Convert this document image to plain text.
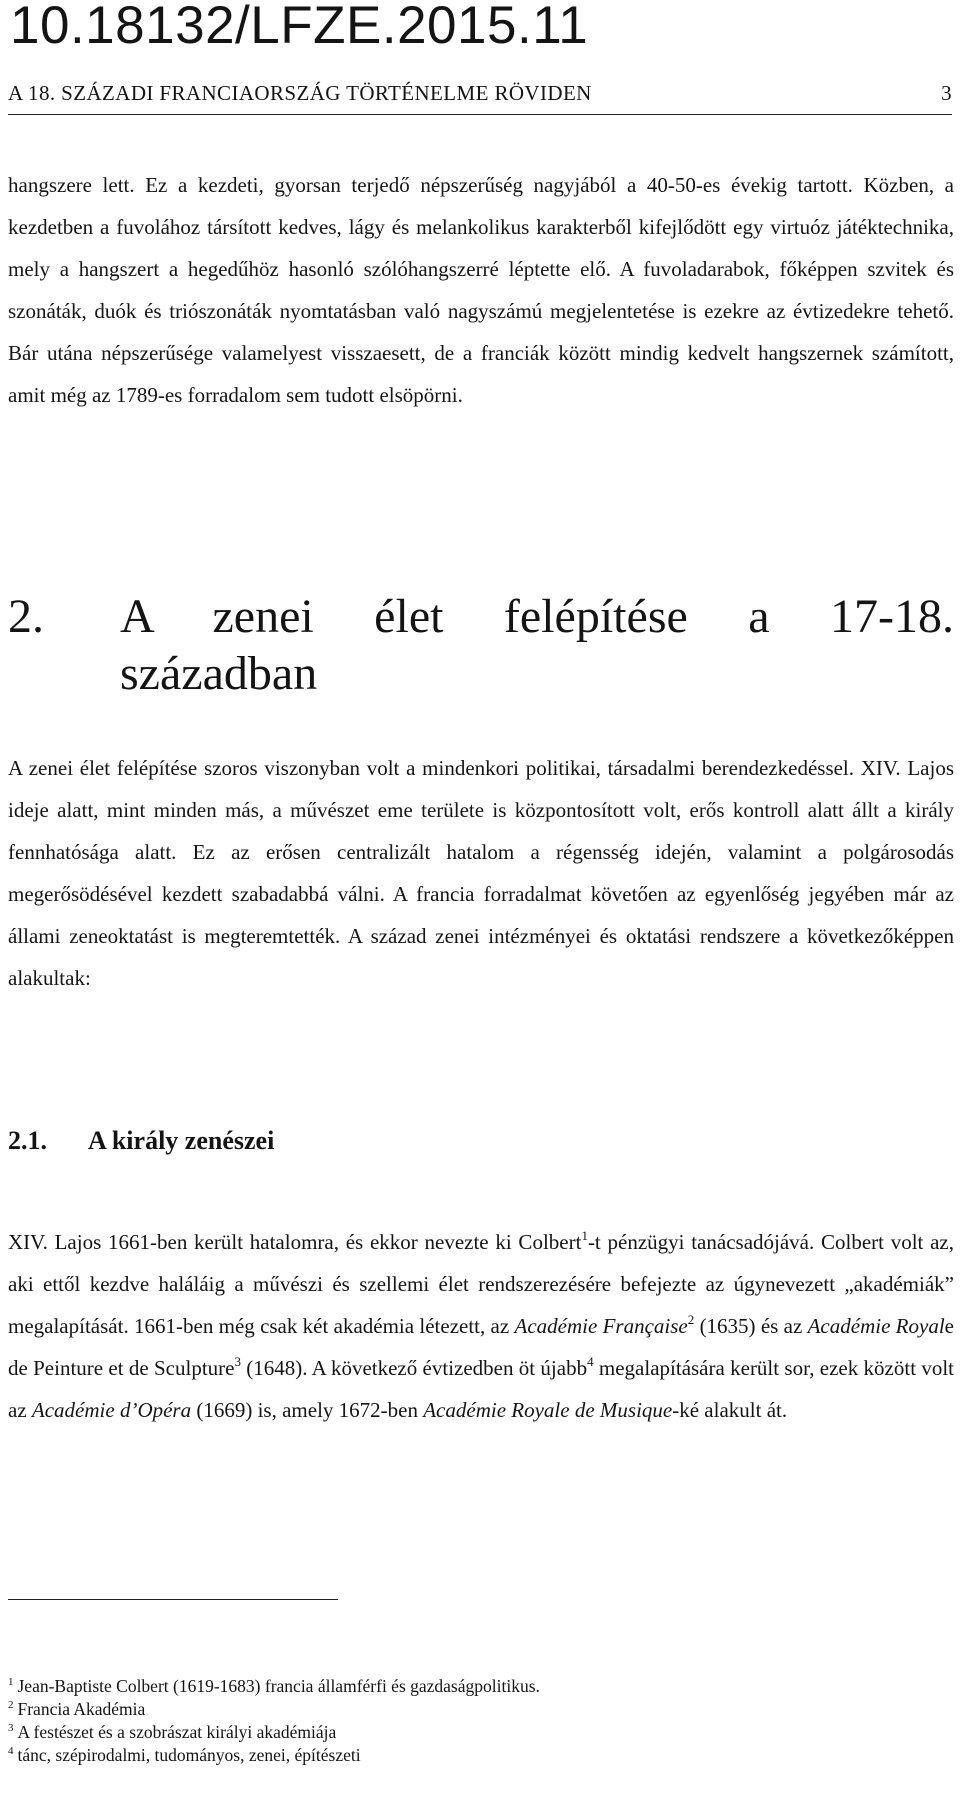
10.18132/LFZE.2015.11
A 18. SZÁZADI FRANCIAORSZÁG TÖRTÉNELME RÖVIDEN	3

hangszere lett. Ez a kezdeti, gyorsan terjedő népszerűség nagyjából a 40-50-es évekig tartott. Közben, a kezdetben a fuvolához társított kedves, lágy és melankolikus karakterből kifejlődött egy virtuóz játéktechnika, mely a hangszert a hegedűhöz hasonló szólóhangszerré léptette elő. A fuvoladarabok, főképpen szvitek és szonáták, duók és triószonáták nyomtatásban való nagyszámú megjelentetése is ezekre az évtizedekre tehető. Bár utána népszerűsége valamelyest visszaesett, de a franciák között mindig kedvelt hangszernek számított, amit még az 1789-es forradalom sem tudott elsöpörni.

2. A zenei élet felépítése a 17-18.
században

A zenei élet felépítése szoros viszonyban volt a mindenkori politikai, társadalmi berendezkedéssel. XIV. Lajos ideje alatt, mint minden más, a művészet eme területe is központosított volt, erős kontroll alatt állt a király fennhatósága alatt. Ez az erősen centralizált hatalom a régensség idején, valamint a polgárosodás megerősödésével kezdett szabadabbá válni. A francia forradalmat követően az egyenlőség jegyében már az állami zeneoktatást is megteremtették. A század zenei intézményei és oktatási rendszere a következőképpen alakultak:

2.1. A király zenészei

XIV. Lajos 1661-ben került hatalomra, és ekkor nevezte ki Colbert$^1$-t pénzügyi tanácsadójává. Colbert volt az, aki ettől kezdve haláláig a művészi és szellemi élet rendszerezésére befejezte az úgynevezett „akadémiák” megalapítását. 1661-ben még csak két akadémia létezett, az Académie Française$^2$ (1635) és az Académie Royale de Peinture et de Sculpture$^3$ (1648). A következő évtizedben öt újabb$^4$ megalapítására került sor, ezek között volt az Académie d’Opéra (1669) is, amely 1672-ben Académie Royale de Musique-ké alakult át.

$^1$ Jean-Baptiste Colbert (1619-1683) francia államférfi és gazdaságpolitikus.

$^2$ Francia Akadémia

$^3$ A festészet és a szobrászat királyi akadémiája

$^4$ tánc, szépirodalmi, tudományos, zenei, építészeti
